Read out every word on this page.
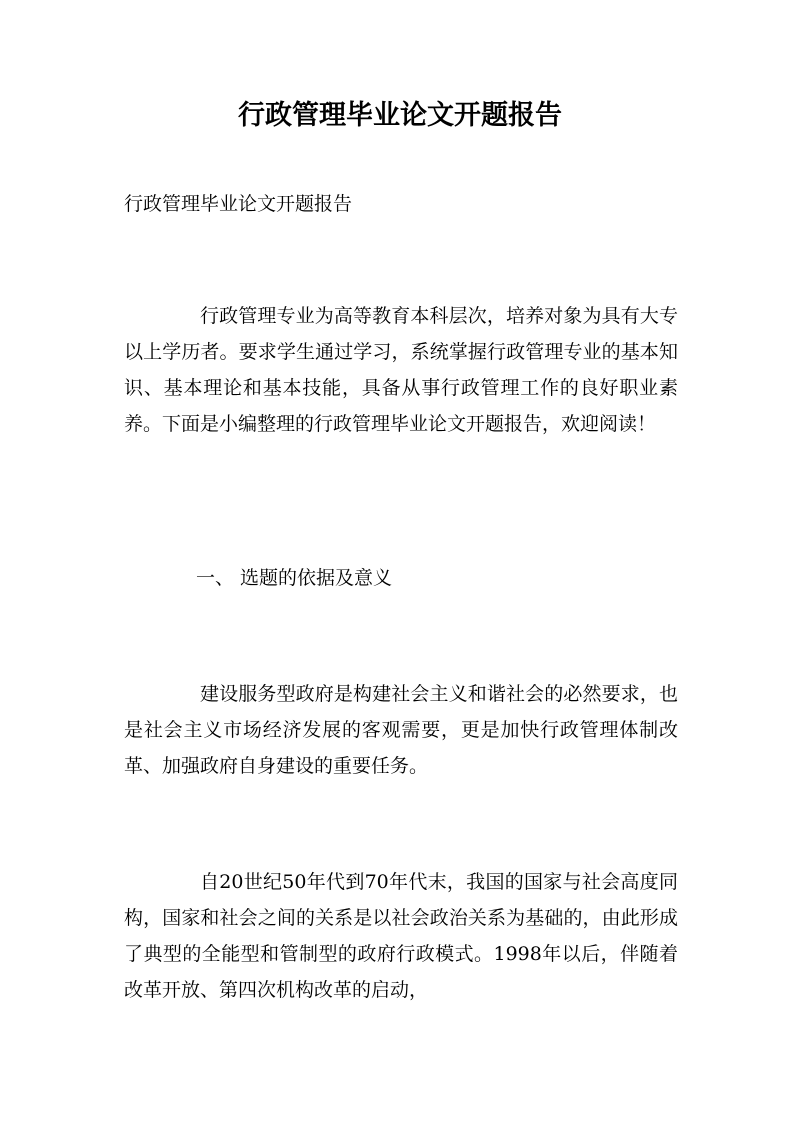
行政管理毕业论文开题报告
行政管理毕业论文开题报告
行政管理专业为高等教育本科层次，培养对象为具有大专以上学历者。要求学生通过学习，系统掌握行政管理专业的基本知识、基本理论和基本技能，具备从事行政管理工作的良好职业素养。下面是小编整理的行政管理毕业论文开题报告，欢迎阅读！
一、 选题的依据及意义
建设服务型政府是构建社会主义和谐社会的必然要求，也是社会主义市场经济发展的客观需要，更是加快行政管理体制改革、加强政府自身建设的重要任务。
自20世纪50年代到70年代末，我国的国家与社会高度同构，国家和社会之间的关系是以社会政治关系为基础的，由此形成了典型的全能型和管制型的政府行政模式。1998年以后，伴随着改革开放、第四次机构改革的启动，
